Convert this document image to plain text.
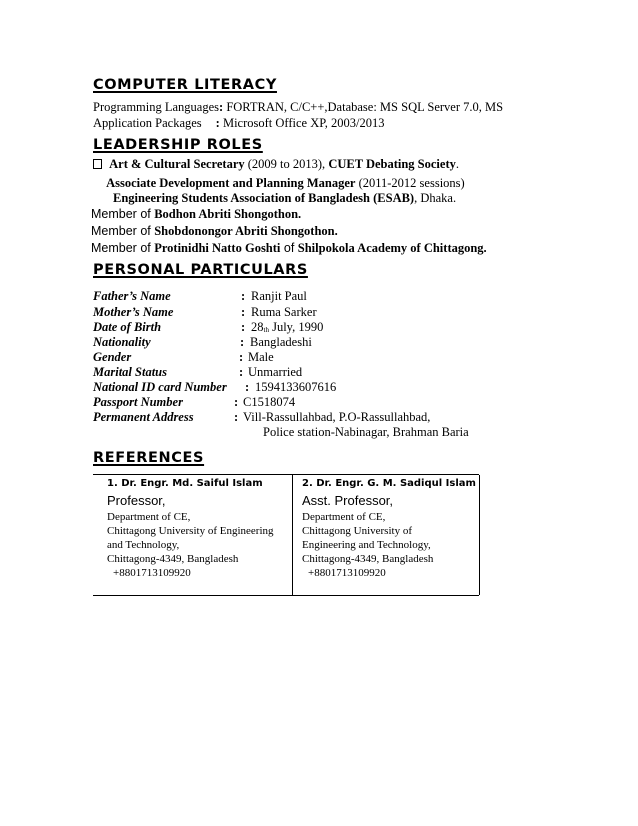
COMPUTER LITERACY
Programming Languages: FORTRAN, C/C++,Database: MS SQL Server 7.0, MS
Application Packages : Microsoft Office XP, 2003/2013
LEADERSHIP ROLES
Art & Cultural Secretary (2009 to 2013), CUET Debating Society.
Associate Development and Planning Manager (2011-2012 sessions)
Engineering Students Association of Bangladesh (ESAB), Dhaka.
Member of Bodhon Abriti Shongothon.
Member of Shobdonongor Abriti Shongothon.
Member of Protinidhi Natto Goshti of Shilpokola Academy of Chittagong.
PERSONAL PARTICULARS
Father’s Name	: Ranjit Paul
Mother’s Name	: Ruma Sarker
Date of Birth	: 28th July, 1990
Nationality	: Bangladeshi
Gender	: Male
Marital Status	: Unmarried
National ID card Number : 1594133607616
Passport Number	: C1518074
Permanent Address	: Vill-Rassullahbad, P.O-Rassullahbad,
Police station-Nabinagar, Brahman Baria
REFERENCES
1. Dr. Engr. Md. Saiful Islam
Professor,
Department of CE,
Chittagong University of Engineering
and Technology,
Chittagong-4349, Bangladesh
+8801713109920
2. Dr. Engr. G. M. Sadiqul Islam
Asst. Professor,
Department of CE,
Chittagong University of
Engineering and Technology,
Chittagong-4349, Bangladesh
+8801713109920
